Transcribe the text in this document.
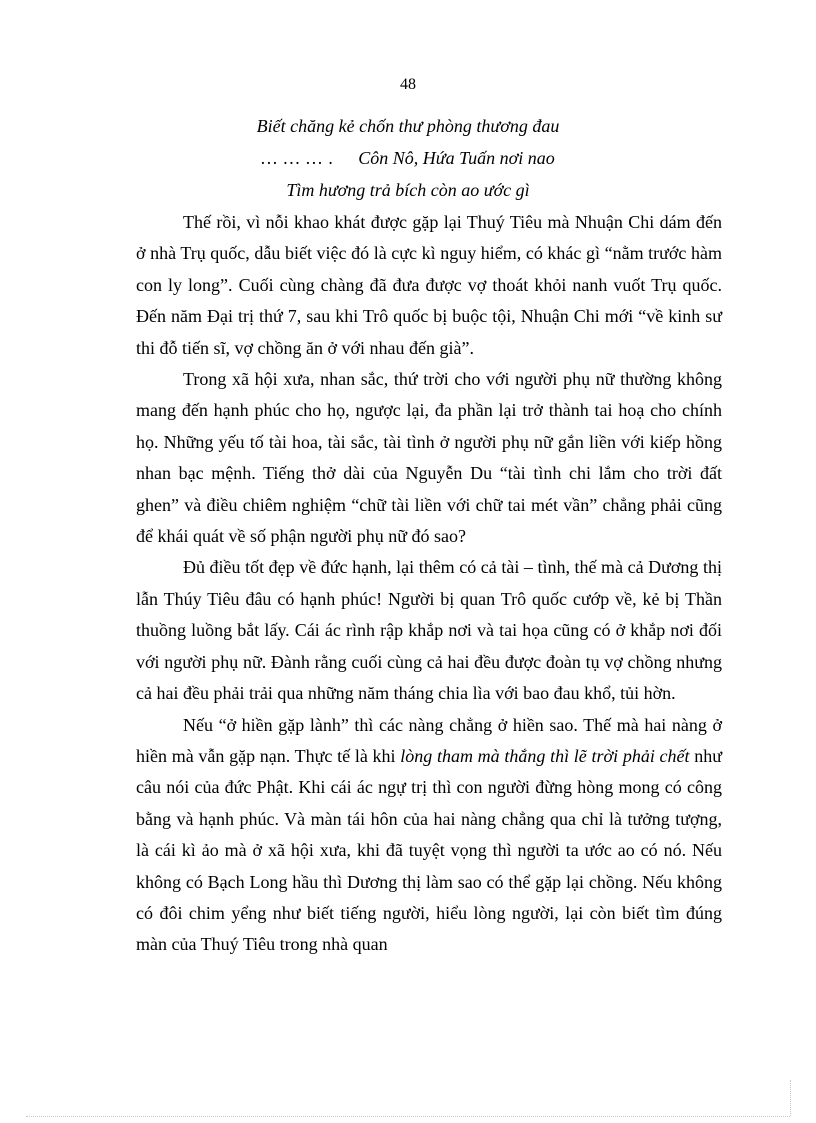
48
Biết chăng kẻ chốn thư phòng thương đau
… … … . Côn Nô, Hứa Tuấn nơi nao
Tìm hương trả bích còn ao ước gì

Thế rồi, vì nỗi khao khát được gặp lại Thuý Tiêu mà Nhuận Chi dám đến ở nhà Trụ quốc, dẫu biết việc đó là cực kì nguy hiểm, có khác gì “nằm trước hàm con ly long”. Cuối cùng chàng đã đưa được vợ thoát khỏi nanh vuốt Trụ quốc. Đến năm Đại trị thứ 7, sau khi Trô quốc bị buộc tội, Nhuận Chi mới “về kinh sư thi đỗ tiến sĩ, vợ chồng ăn ở với nhau đến già”.

Trong xã hội xưa, nhan sắc, thứ trời cho với người phụ nữ thường không mang đến hạnh phúc cho họ, ngược lại, đa phần lại trở thành tai hoạ cho chính họ. Những yếu tố tài hoa, tài sắc, tài tình ở người phụ nữ gắn liền với kiếp hồng nhan bạc mệnh. Tiếng thở dài của Nguyễn Du “tài tình chi lắm cho trời đất ghen” và điều chiêm nghiệm “chữ tài liền với chữ tai mét vần” chẳng phải cũng để khái quát về số phận người phụ nữ đó sao?

Đủ điều tốt đẹp về đức hạnh, lại thêm có cả tài – tình, thế mà cả Dương thị lẫn Thúy Tiêu đâu có hạnh phúc! Người bị quan Trô quốc cướp về, kẻ bị Thần thuồng luồng bắt lấy. Cái ác rình rập khắp nơi và tai họa cũng có ở khắp nơi đối với người phụ nữ. Đành rằng cuối cùng cả hai đều được đoàn tụ vợ chồng nhưng cả hai đều phải trải qua những năm tháng chia lìa với bao đau khổ, tủi hờn.

Nếu “ở hiền gặp lành” thì các nàng chẳng ở hiền sao. Thế mà hai nàng ở hiền mà vẫn gặp nạn. Thực tế là khi lòng tham mà thắng thì lẽ trời phải chết như câu nói của đức Phật. Khi cái ác ngự trị thì con người đừng hòng mong có công bằng và hạnh phúc. Và màn tái hôn của hai nàng chẳng qua chỉ là tưởng tượng, là cái kì ảo mà ở xã hội xưa, khi đã tuyệt vọng thì người ta ước ao có nó. Nếu không có Bạch Long hầu thì Dương thị làm sao có thể gặp lại chồng. Nếu không có đôi chim yểng như biết tiếng người, hiểu lòng người, lại còn biết tìm đúng màn của Thuý Tiêu trong nhà quan
